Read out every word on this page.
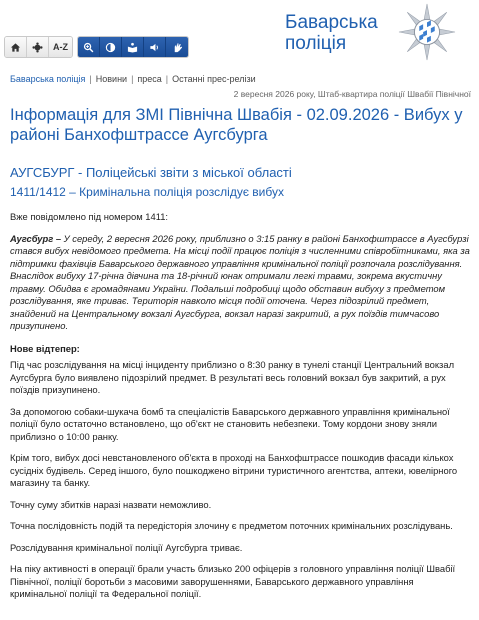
A-Z
Баварська
поліція
Баварська поліція | Новини | преса | Останні прес-релізи
2 вересня 2026 року, Штаб-квартира поліції Швабії Північної
Інформація для ЗМІ Північна Швабія - 02.09.2026 - Вибух у районі Банхофштрассе Аугсбурга
АУГСБУРГ - Поліцейські звіти з міської області
1411/1412 – Кримінальна поліція розслідує вибух

Вже повідомлено під номером 1411:

Аугсбург – У середу, 2 вересня 2026 року, приблизно о 3:15 ранку в районі Банхофштрассе в Аугсбурзі стався вибух невідомого предмета. На місці події працює поліція з численними співробітниками, яка за підтримки фахівців Баварського державного управління кримінальної поліції розпочала розслідування. Внаслідок вибуху 17-річна дівчина та 18-річний юнак отримали легкі травми, зокрема вкустичну травму. Обидва є громадянами України. Подальші подробиці щодо обставин вибуху з предметом розслідування, яке триває. Територія навколо місця події оточена. Через підозрілий предмет, знайдений на Центральному вокзалі Аугсбурга, вокзал наразі закритий, а рух поїздів тимчасово призупинено.

Нове відтепер:

Під час розслідування на місці інциденту приблизно о 8:30 ранку в тунелі станції Центральний вокзал Аугсбурга було виявлено підозрілий предмет. В результаті весь головний вокзал був закритий, а рух поїздів призупинено.

За допомогою собаки-шукача бомб та спеціалістів Баварського державного управління кримінальної поліції було остаточно встановлено, що об'єкт не становить небезпеки. Тому кордони знову зняли приблизно о 10:00 ранку.

Крім того, вибух досі невстановленого об'єкта в проході на Банхофштрассе пошкодив фасади кількох сусідніх будівель. Серед іншого, було пошкоджено вітрини туристичного агентства, аптеки, ювелірного магазину та банку.

Точну суму збитків наразі назвати неможливо.

Точна послідовність подій та передісторія злочину є предметом поточних кримінальних розслідувань.

Розслідування кримінальної поліції Аугсбурга триває.

На піку активності в операції брали участь близько 200 офіцерів з головного управління поліції Швабії Північної, поліції боротьби з масовими заворушеннями, Баварського державного управління кримінальної поліції та Федеральної поліції.
